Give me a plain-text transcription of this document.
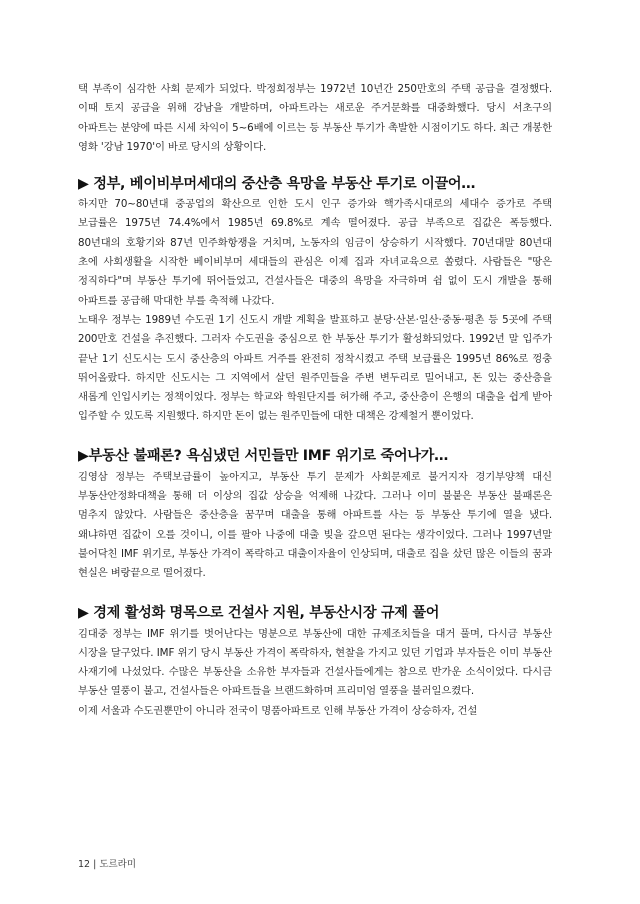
택 부족이 심각한 사회 문제가 되었다. 박정희정부는 1972년 10년간 250만호의 주택 공급을 결정했다. 이때 토지 공급을 위해 강남을 개발하며, 아파트라는 새로운 주거문화를 대중화했다. 당시 서초구의 아파트는 분양에 따른 시세 차익이 5~6배에 이르는 등 부동산 투기가 촉발한 시점이기도 하다. 최근 개봉한 영화 '강남 1970'이 바로 당시의 상황이다.

▶ 정부, 베이비부머세대의 중산층 욕망을 부동산 투기로 이끌어…

하지만 70~80년대 중공업의 확산으로 인한 도시 인구 증가와 핵가족시대로의 세대수 증가로 주택 보급률은 1975년 74.4%에서 1985년 69.8%로 계속 떨어졌다. 공급 부족으로 집값은 폭등했다. 80년대의 호황기와 87년 민주화항쟁을 거치며, 노동자의 임금이 상승하기 시작했다. 70년대말 80년대 초에 사회생활을 시작한 베이비부머 세대들의 관심은 이제 집과 자녀교육으로 쏠렸다. 사람들은 "땅은 정직하다"며 부동산 투기에 뛰어들었고, 건설사들은 대중의 욕망을 자극하며 쉼 없이 도시 개발을 통해 아파트를 공급해 막대한 부를 축적해 나갔다.

노태우 정부는 1989년 수도권 1기 신도시 개발 계획을 발표하고 분당·산본·일산·중동·평촌 등 5곳에 주택 200만호 건설을 추진했다. 그러자 수도권을 중심으로 한 부동산 투기가 활성화되었다. 1992년 말 입주가 끝난 1기 신도시는 도시 중산층의 아파트 거주를 완전히 정착시켰고 주택 보급률은 1995년 86%로 껑충 뛰어올랐다. 하지만 신도시는 그 지역에서 살던 원주민들을 주변 변두리로 밀어내고, 돈 있는 중산층을 새롭게 인입시키는 정책이었다. 정부는 학교와 학원단지를 허가해 주고, 중산층이 은행의 대출을 쉽게 받아 입주할 수 있도록 지원했다. 하지만 돈이 없는 원주민들에 대한 대책은 강제철거 뿐이었다.

▶부동산 불패론? 욕심냈던 서민들만 IMF 위기로 죽어나가…

김영삼 정부는 주택보급률이 높아지고, 부동산 투기 문제가 사회문제로 불거지자 경기부양책 대신 부동산안정화대책을 통해 더 이상의 집값 상승을 억제해 나갔다. 그러나 이미 불붙은 부동산 불패론은 멈추지 않았다. 사람들은 중산층을 꿈꾸며 대출을 통해 아파트를 사는 등 부동산 투기에 열을 냈다. 왜냐하면 집값이 오를 것이니, 이를 팔아 나중에 대출 빚을 갚으면 된다는 생각이었다. 그러나 1997년말 불어닥친 IMF 위기로, 부동산 가격이 폭락하고 대출이자율이 인상되며, 대출로 집을 샀던 많은 이들의 꿈과 현실은 벼랑끝으로 떨어졌다.

▶ 경제 활성화 명목으로 건설사 지원, 부동산시장 규제 풀어

김대중 정부는 IMF 위기를 벗어난다는 명분으로 부동산에 대한 규제조치들을 대거 풀며, 다시금 부동산 시장을 달구었다. IMF 위기 당시 부동산 가격이 폭락하자, 현찰을 가지고 있던 기업과 부자들은 이미 부동산 사재기에 나섰었다. 수많은 부동산을 소유한 부자들과 건설사들에게는 참으로 반가운 소식이었다. 다시금 부동산 열풍이 불고, 건설사들은 아파트들을 브랜드화하며 프리미엄 열풍을 불러일으켰다.

이제 서울과 수도권뿐만이 아니라 전국이 명품아파트로 인해 부동산 가격이 상승하자, 건설

12 | 도르라미
